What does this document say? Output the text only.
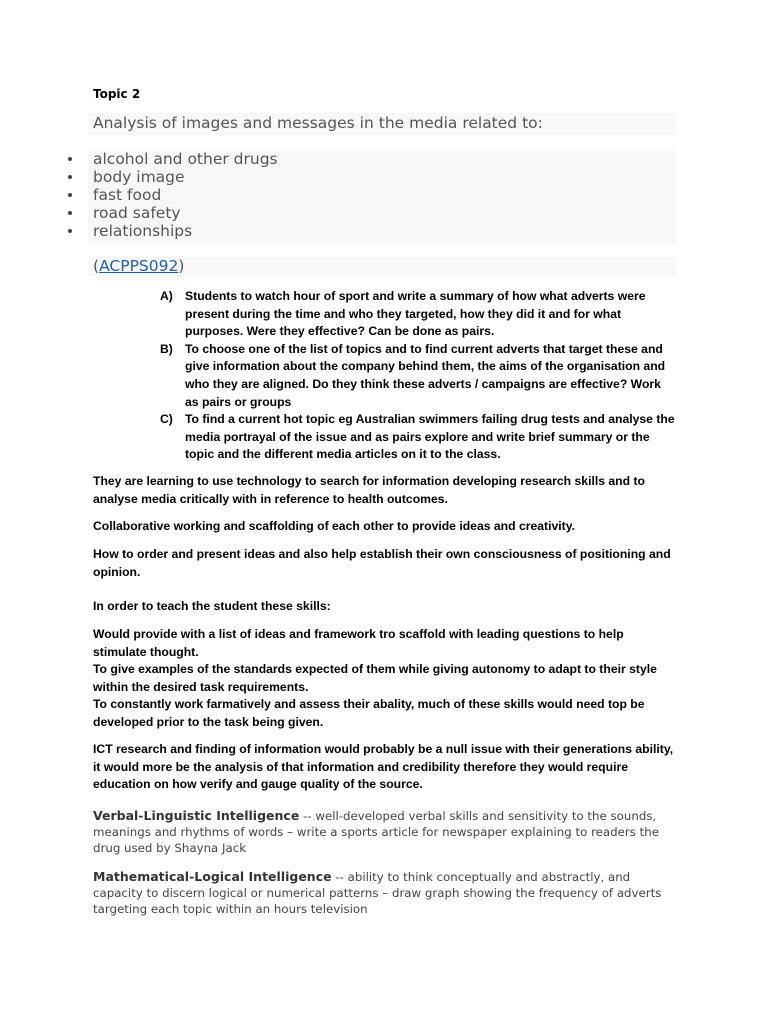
Topic 2
Analysis of images and messages in the media related to:
alcohol and other drugs
body image
fast food
road safety
relationships
(ACPPS092)
A) Students to watch hour of sport and write a summary of how what adverts were present during the time and who they targeted, how they did it and for what purposes. Were they effective? Can be done as pairs.
B) To choose one of the list of topics and to find current adverts that target these and give information about the company behind them, the aims of the organisation and who they are aligned. Do they think these adverts / campaigns are effective? Work as pairs or groups
C) To find a current hot topic eg Australian swimmers failing drug tests and analyse the media portrayal of the issue and as pairs explore and write brief summary or the topic and the different media articles on it to the class.

They are learning to use technology to search for information developing research skills and to analyse media critically with in reference to health outcomes.

Collaborative working and scaffolding of each other to provide ideas and creativity.

How to order and present ideas and also help establish their own consciousness of positioning and opinion.

In order to teach the student these skills:

Would provide with a list of ideas and framework tro scaffold with leading questions to help stimulate thought.

To give examples of the standards expected of them while giving autonomy to adapt to their style within the desired task requirements.

To constantly work farmatively and assess their abality, much of these skills would need top be developed prior to the task being given.

ICT research and finding of information would probably be a null issue with their generations ability, it would more be the analysis of that information and credibility therefore they would require education on how verify and gauge quality of the source.

Verbal-Linguistic Intelligence -- well-developed verbal skills and sensitivity to the sounds, meanings and rhythms of words – write a sports article for newspaper explaining to readers the drug used by Shayna Jack

Mathematical-Logical Intelligence -- ability to think conceptually and abstractly, and capacity to discern logical or numerical patterns – draw graph showing the frequency of adverts targeting each topic within an hours television
